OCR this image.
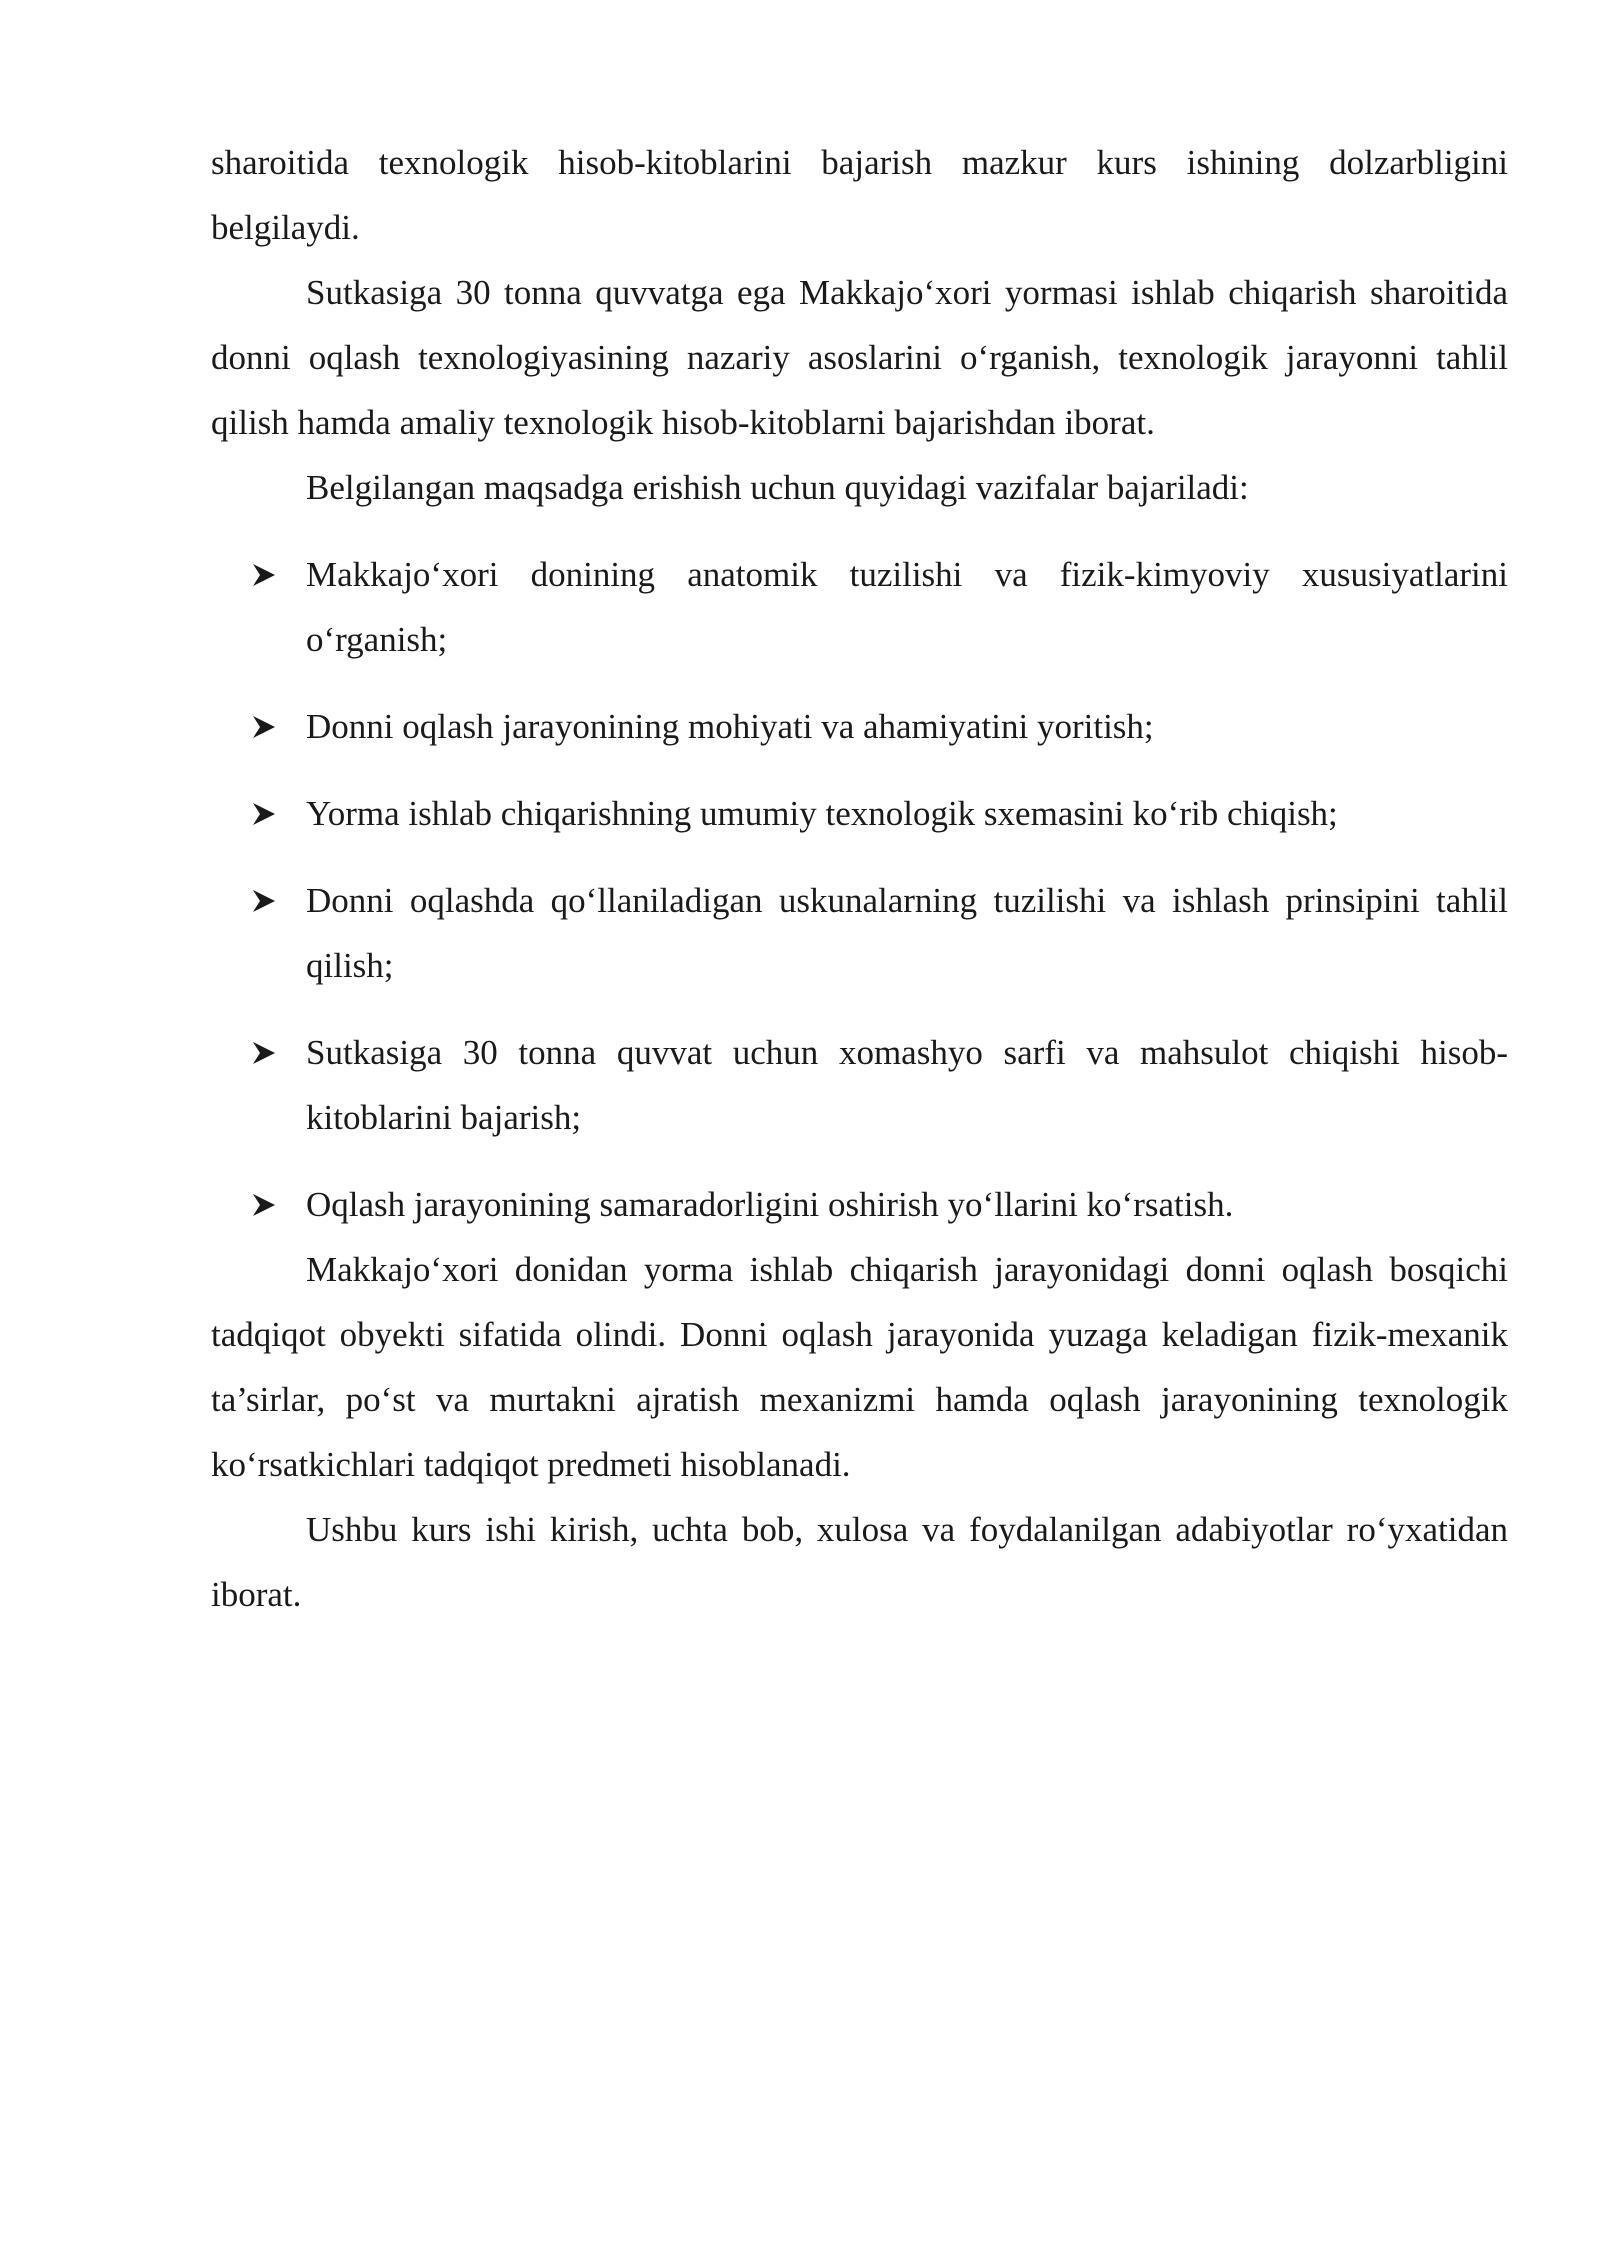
sharoitida texnologik hisob-kitoblarini bajarish mazkur kurs ishining dolzarbligini belgilaydi.

Sutkasiga 30 tonna quvvatga ega Makkajo‘xori yormasi ishlab chiqarish sharoitida donni oqlash texnologiyasining nazariy asoslarini o‘rganish, texnologik jarayonni tahlil qilish hamda amaliy texnologik hisob-kitoblarni bajarishdan iborat.

Belgilangan maqsadga erishish uchun quyidagi vazifalar bajariladi:

Makkajo‘xori donining anatomik tuzilishi va fizik-kimyoviy xususiyatlarini o‘rganish;
Donni oqlash jarayonining mohiyati va ahamiyatini yoritish;
Yorma ishlab chiqarishning umumiy texnologik sxemasini ko‘rib chiqish;
Donni oqlashda qo‘llaniladigan uskunalarning tuzilishi va ishlash prinsipini tahlil qilish;
Sutkasiga 30 tonna quvvat uchun xomashyo sarfi va mahsulot chiqishi hisob-kitoblarini bajarish;
Oqlash jarayonining samaradorligini oshirish yo‘llarini ko‘rsatish.

Makkajo‘xori donidan yorma ishlab chiqarish jarayonidagi donni oqlash bosqichi tadqiqot obyekti sifatida olindi. Donni oqlash jarayonida yuzaga keladigan fizik-mexanik ta’sirlar, po‘st va murtakni ajratish mexanizmi hamda oqlash jarayonining texnologik ko‘rsatkichlari tadqiqot predmeti hisoblanadi.

Ushbu kurs ishi kirish, uchta bob, xulosa va foydalanilgan adabiyotlar ro‘yxatidan iborat.
